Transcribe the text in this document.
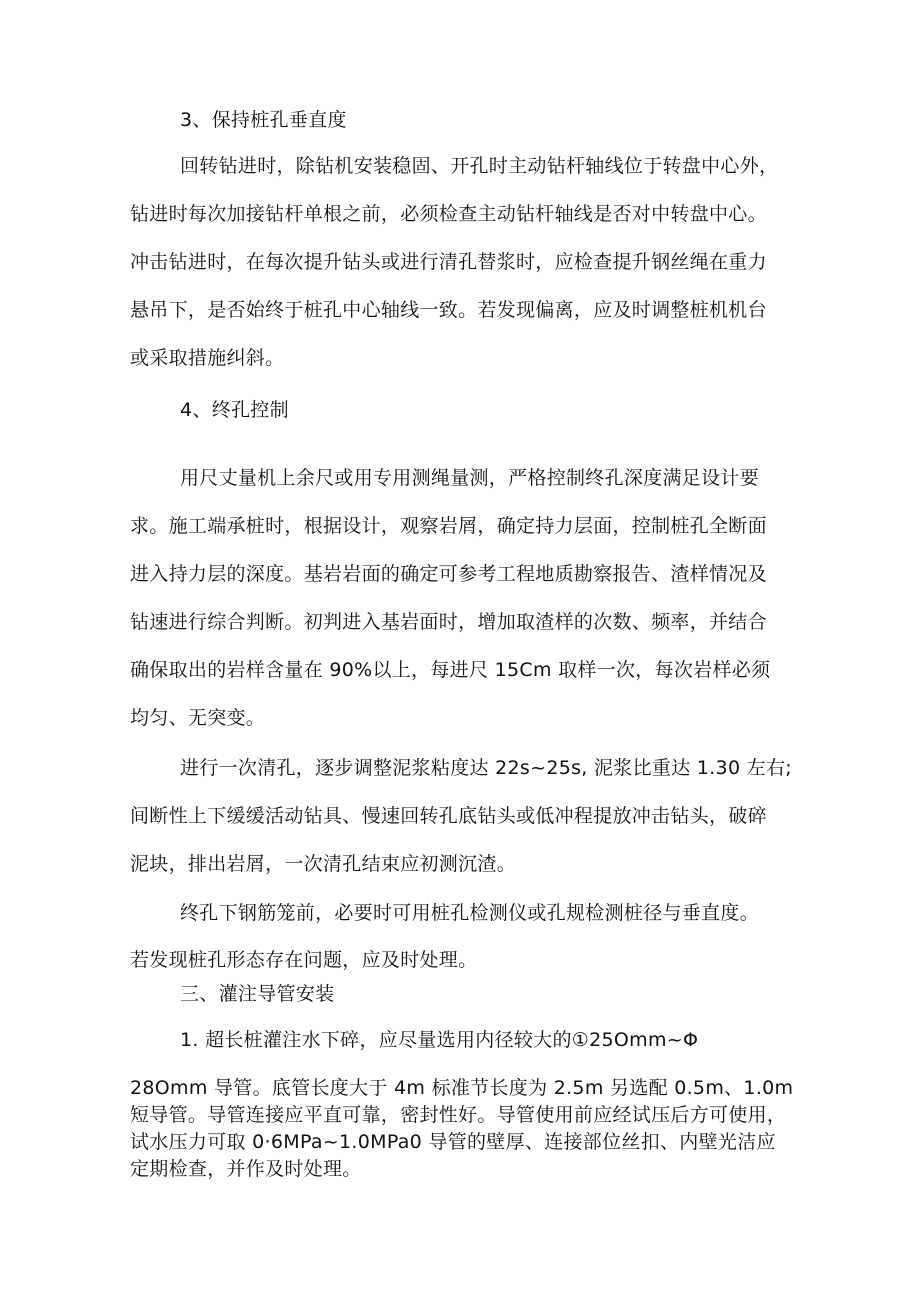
3、保持桩孔垂直度
回转钻进时，除钻机安装稳固、开孔时主动钻杆轴线位于转盘中心外，
钻进时每次加接钻杆单根之前，必须检查主动钻杆轴线是否对中转盘中心。
冲击钻进时，在每次提升钻头或进行清孔替浆时，应检查提升钢丝绳在重力
悬吊下，是否始终于桩孔中心轴线一致。若发现偏离，应及时调整桩机机台
或采取措施纠斜。
4、终孔控制
用尺丈量机上余尺或用专用测绳量测，严格控制终孔深度满足设计要
求。施工端承桩时，根据设计，观察岩屑，确定持力层面，控制桩孔全断面
进入持力层的深度。基岩岩面的确定可参考工程地质勘察报告、渣样情况及
钻速进行综合判断。初判进入基岩面时，增加取渣样的次数、频率，并结合
确保取出的岩样含量在 90%以上，每进尺 15Cm 取样一次，每次岩样必须
均匀、无突变。
进行一次清孔，逐步调整泥浆粘度达 22s~25s, 泥浆比重达 1.30 左右;
间断性上下缓缓活动钻具、慢速回转孔底钻头或低冲程提放冲击钻头，破碎
泥块，排出岩屑，一次清孔结束应初测沉渣。
终孔下钢筋笼前，必要时可用桩孔检测仪或孔规检测桩径与垂直度。
若发现桩孔形态存在问题，应及时处理。
三、灌注导管安装
1. 超长桩灌注水下碎，应尽量选用内径较大的①25Omm~Φ
28Omm 导管。底管长度大于 4m 标准节长度为 2.5m 另选配 0.5m、1.0m
短导管。导管连接应平直可靠，密封性好。导管使用前应经试压后方可使用，
试水压力可取 0·6MPa~1.0MPa0 导管的壁厚、连接部位丝扣、内壁光洁应
定期检查，并作及时处理。
